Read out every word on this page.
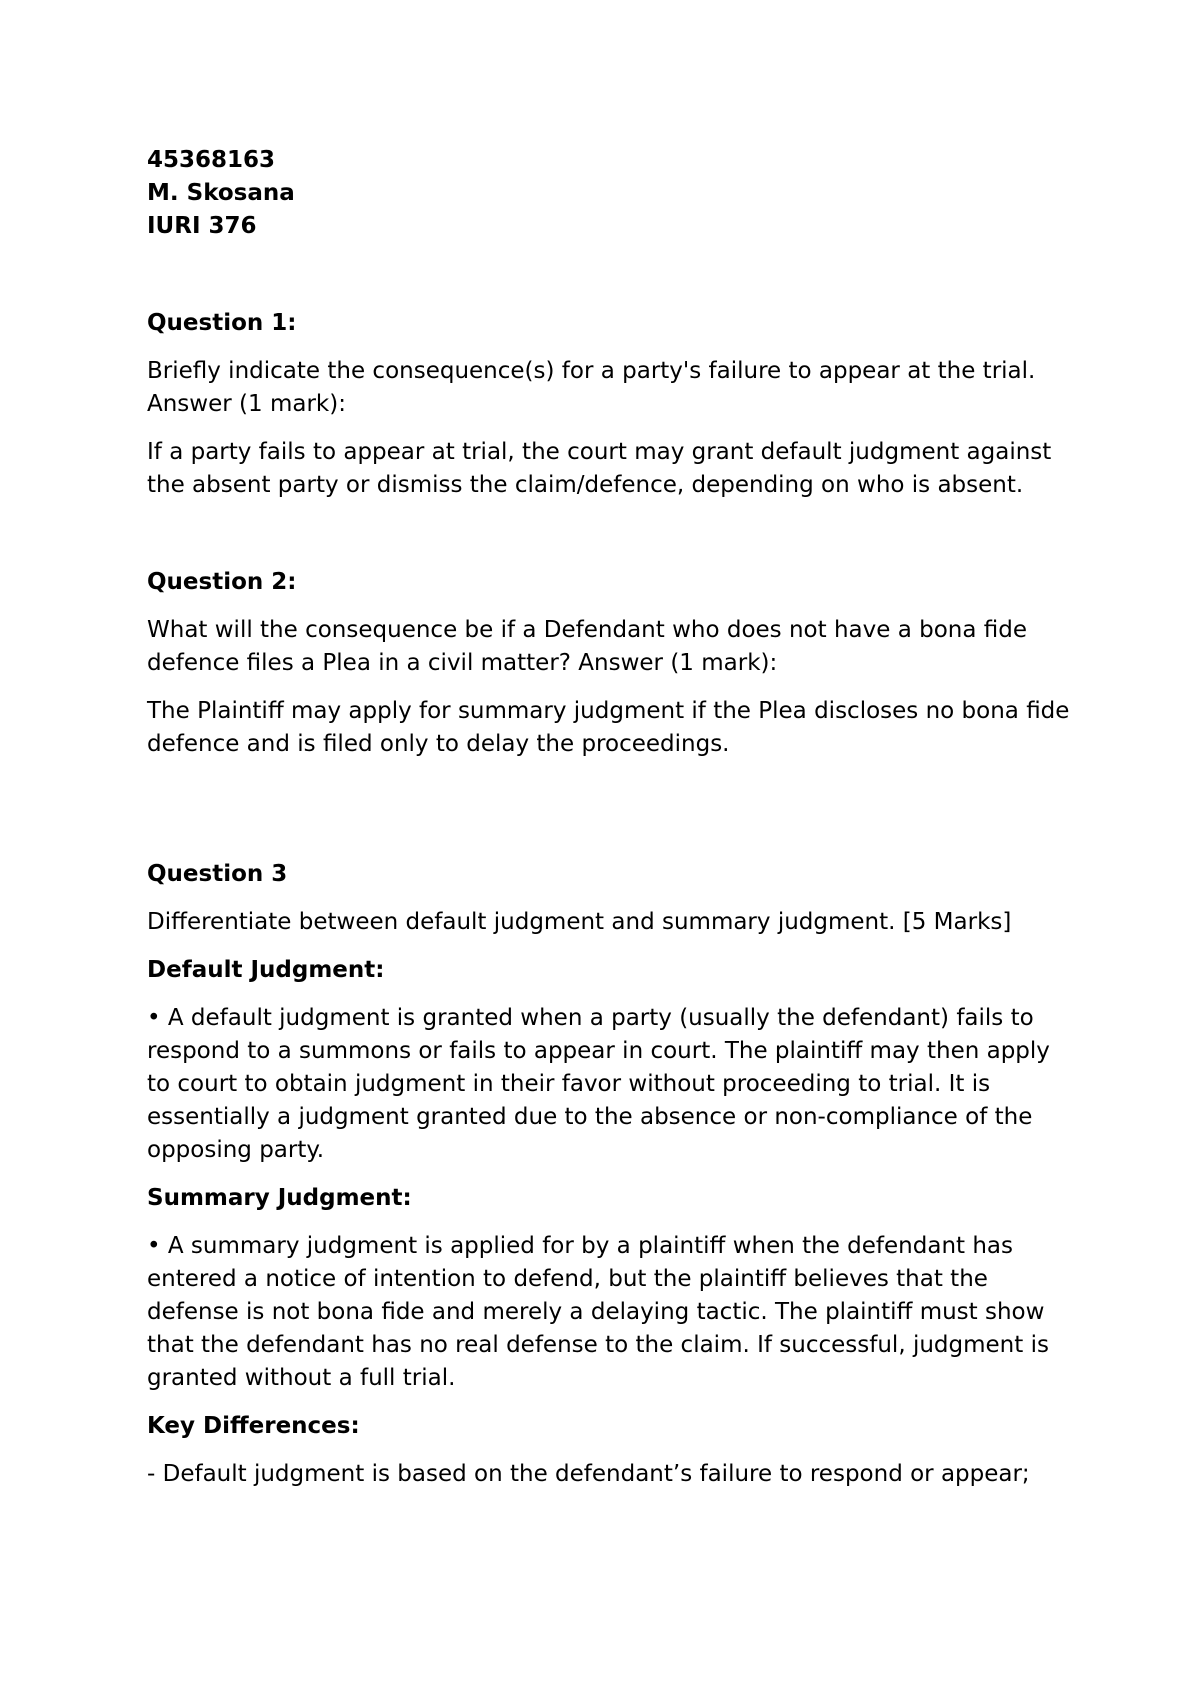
45368163

M. Skosana

IURI 376

Question 1:

Briefly indicate the consequence(s) for a party's failure to appear at the trial. Answer (1 mark):

If a party fails to appear at trial, the court may grant default judgment against the absent party or dismiss the claim/defence, depending on who is absent.

Question 2:

What will the consequence be if a Defendant who does not have a bona fide defence files a Plea in a civil matter? Answer (1 mark):

The Plaintiff may apply for summary judgment if the Plea discloses no bona fide defence and is filed only to delay the proceedings.

Question 3

Differentiate between default judgment and summary judgment. [5 Marks]

Default Judgment:

• A default judgment is granted when a party (usually the defendant) fails to respond to a summons or fails to appear in court. The plaintiff may then apply to court to obtain judgment in their favor without proceeding to trial. It is essentially a judgment granted due to the absence or non-compliance of the opposing party.

Summary Judgment:

• A summary judgment is applied for by a plaintiff when the defendant has entered a notice of intention to defend, but the plaintiff believes that the defense is not bona fide and merely a delaying tactic. The plaintiff must show that the defendant has no real defense to the claim. If successful, judgment is granted without a full trial.

Key Differences:

- Default judgment is based on the defendant’s failure to respond or appear;
